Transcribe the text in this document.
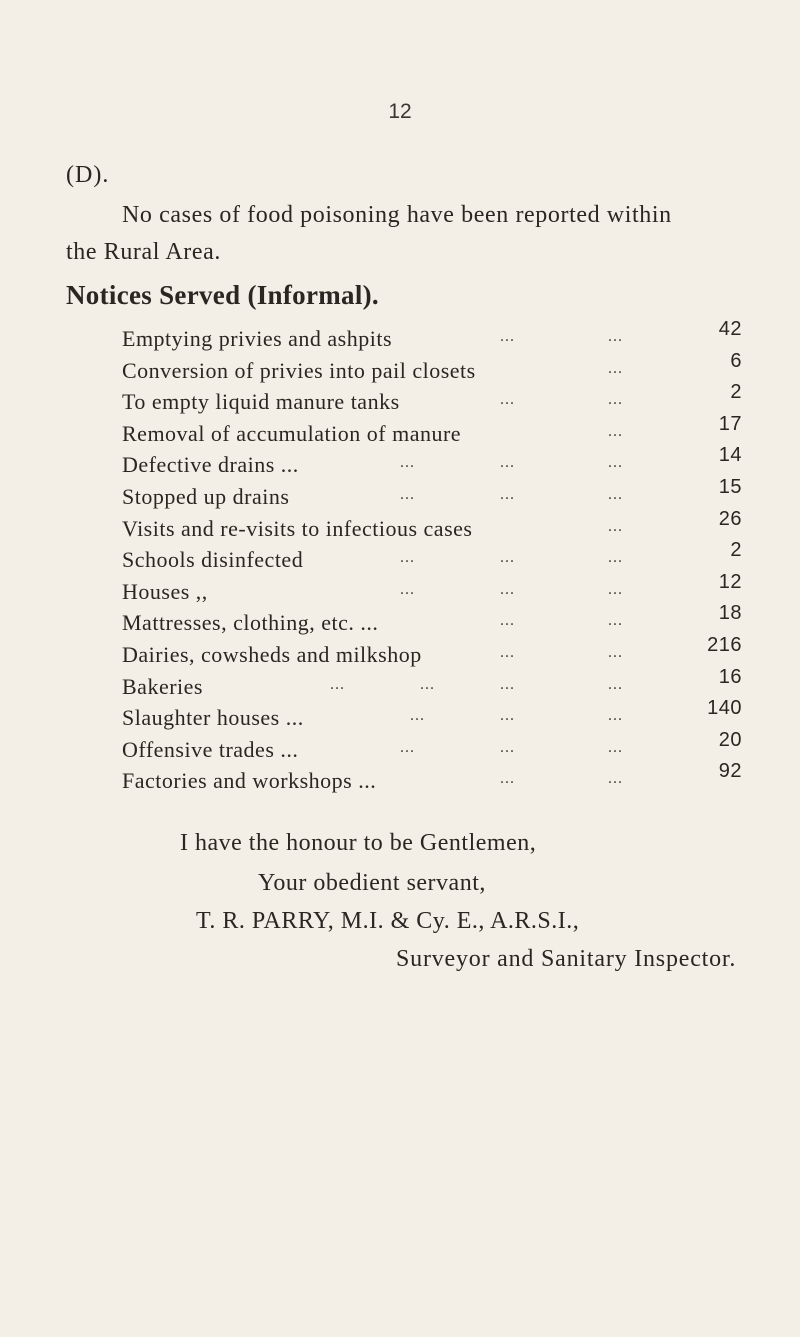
12
(D).
No cases of food poisoning have been reported within
the Rural Area.
Notices Served (Informal).
Emptying privies and ashpits	...	...	42
Conversion of privies into pail closets	...	6
To empty liquid manure tanks	...	...	2
Removal of accumulation of manure	...	17
Defective drains ...	...	...	...	14
Stopped up drains	...	...	...	15
Visits and re-visits to infectious cases	...	26
Schools disinfected	...	...	...	2
Houses ,,	...	...	...	12
Mattresses, clothing, etc. ...	...	...	18
Dairies, cowsheds and milkshop	...	...	216
Bakeries	...	...	...	...	16
Slaughter houses ...	...	...	...	140
Offensive trades ...	...	...	...	20
Factories and workshops ...	...	...	92
I have the honour to be Gentlemen,
Your obedient servant,
T. R. PARRY, M.I. & Cy. E., A.R.S.I.,
Surveyor and Sanitary Inspector.
